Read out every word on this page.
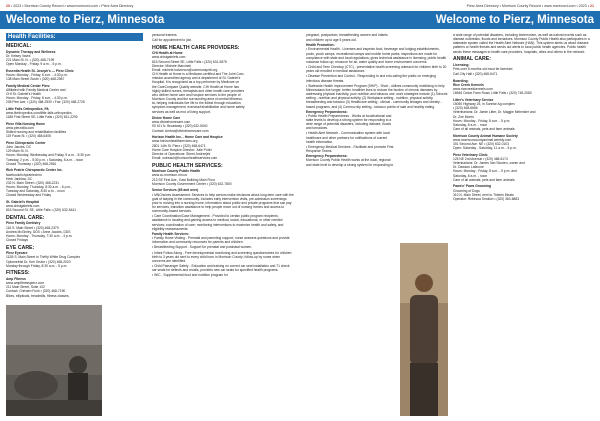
20 • 2023 • Morrison County Record • www.mcrecord.com • Pierz Area Directory
Welcome to Pierz, Minnesota
Health Facilities:
MEDICAL:
Dynamic Therapy and Wellness
Dr. Kelsey Vavra
221 Main St. N. • (320) 468-7199
Open Monday - Friday, 9 a.m. - 5 p.m.
Essentia Health St. Joseph's — Pierz Clinic
Hours: Monday - Friday, 8 a.m. - 4:30 p.m.
138 Main Street South • (320) 468-2567
Family Medical Center Pierz
Affiliated with Family Medical Center and
CHI St. Gabriel's Health
Hours: Monday - Friday, 8 a.m. - 4:30 p.m.
208 Pine Ave. • (320) 468-2530 • Fax: (320) 468-2726
Little Falls Orthopedics, PA
www.lforthopedics.com/little-falls-orthopedics
1188 First Street SE, Little Falls • (320) 631-2290
Pierz Villa Nursing Home
www.pierzvilla.com
Skilled nursing and rehabilitation facilities
119 Faust St. • (320) 468-6405
Pierz Chiropractic Center
John Jacobs, DC
129 Main St. N.
Hours: Monday, Wednesday and Friday, 9 a.m. - 5:30 p.m.
Tuesday, 2 p.m. - 5:30 p.m. • Saturday, 8 a.m. - noon
Closed Thursday • (320) 468-2561
Rich Prairie Chiropractic Center Inc.
facebook/richprairiechiro
Herb Janklow, DC
232 N. Main Street • (320) 468-2231
Hours: Monday, Thursday, 8:30 a.m. - 6 p.m.,
Tuesday and Saturday, 8:30 a.m. - noon
Closed Wednesday and Friday
St. Gabriel's Hospital
www.chistgabriels.com
815 Second St. SE, Little Falls • (320) 632-5441
DENTAL CARE:
Pierz Family Dentistry
116 S. Main Street • (320) 468-2379
Andrea McGinley, DDS • Anne Jacobs, DDS
Hours: Monday - Thursday, 7:30 a.m. - 4 p.m.
Closed Fridays
EYE CARE:
Pierz Eyecare
112B S. Main Street in Thrifty White Drug Complex
Optometrist Dr. Ken Grube • (320) 468-2020
Monday through Friday, 8:30 a.m. - 5 p.m.
FITNESS:
Amp Fitness
www.ampfitnesspierz.com
211 Main Street, Suite 102
Contact: Christen Funk • (320) 468-7190
Bikes, ellipticals, treadmills, fitness classes,
personal trainers.
Call for appointment to join.
HOME HEALTH CARE PROVIDERS:
CHI Health at Home
www.chistgabriels.com
815 Second Street SE, Little Falls • (320) 631-5575
Director: Michele Marcinek
Email: michele.halvorson@commonspirit.org
CHI Health at Home is a Medicare-certified and The Joint Com-
mission-accredited agency and a department of St. Gabriel's
Hospital. It is recognized as a top performer by Medicare on
the CareCompare Quality website. CHI Health at Home has
highly skilled nurses, therapists and other health care providers
who deliver home care and hospice services to the people of
Morrison County and the surrounding area of central Minneso-
ta, helping individuals live life to the fullest through education,
symptom management, exercise/rehabilitation and home safety
services as well as end of living support.
Divine Home Care
www.divinehomecare.com
90 101 N. Broadway • (320) 632-5040
Contact: Ambra@divinehomecare.com
Horizon Health Inc. - Home Care and Hospice
www.horizonhealthservices.org
2801 14th St. Pierz • (320) 468-6471
Home Care Hospice Director: Julie Pohrt
Director of Operations: Sherri Andrzejek
Email: outreach@horizonhealthservices.com
PUBLIC HEALTH SERVICES:
Morrison County Public Health
www.co.morrison.mn.us
213 SE First Ave., East Building Main Floor
Morrison County Government Center • (320) 632-7800
Senior Services (65 and over)
• MNChoices Assessment: Services to help seniors make decisions about long-term care with the goal of staying in the community. Includes early intervention visits, pre-admission screenings prior to moving into a nursing home, information about public and private programs that can pay for services, transition assistance to help people move out of nursing homes and access to community-based services.
• Care Coordination/Case Management - Provided to certain public program recipients; assistance in locating and gaining access to medical, social, educational, or other needed services; coordination of care; monitoring interventions to maximize health and safety, and eligibility reassessments.
Family Health Services:
• Family Home Visiting - Prenatal and parenting support; nurse answers questions and provide information and community resources for parents and children.
• Breastfeeding Support - Support for prenatal and postnatal women.
• Infant Follow Along - Free developmental monitoring and screening questionnaires for children birth to 3 years old sent to every child born in Morrison County; follow-up by nurse when concerns are identified.
• Child Passenger Safety - Education and training on correct car seat installation and 71 check car seats for defects and recalls, provides new car seats for specified health programs.
• WIC - Supplemental food and nutrition program for
Pierz Area Directory • Morrison County Record • www.mcrecord.com • 2023 • 21
Welcome to Pierz, Minnesota
pregnant, postpartum, breastfeeding women and infants
and children up to age 5 years old.
Health Promotion:
• Environmental Health - Licenses and inspects food, beverage and lodging establishments, pools, youth camps, recreational camps and mobile home parks; inspections are made for compliance with state and local regulations; gives technical assistance in licensing; public health nuisance follow-up; resource for air, water quality and home environment concerns.
• Child and Teen Checkup (CTC) - preventative health screening outreach for children birth to 20 years old enrolled in medical assistance.
• Disease Prevention and Control - Responding to and edu-cating the public on emerging infectious disease threats.
• Statewide Health Improvement Program (SHIP) - Short - utilizes community mobilizing to help Minnesotans live longer, better, healthier lives to reduce the burden of chronic diseases by addressing physical inactivity, poor nutrition and tobacco use; work strategies include (1) Schools setting - nutrition and physical activity, (2) Workplace setting - nutrition, physical activity, breastfeeding and tobacco (3) Healthcare setting - clinical - community linkages and obesity - based programs, and (4) Commu-nity setting - tobacco points of sale and healthy eating.
Emergency Preparedness:
• Public Health Preparedness - Works at local/national and state levels to develop a strong system for responding to a wide range of potential disasters, including disease, floods and tornadoes.
• Health Alert Network - Communication system with local healthcare and other partners for notifications of current health information.
• Emergency Medical Services - Facilitate and promote First Response Teams.
Emergency Preparedness:
Morrison County Public Health works at the local, regional and state level to develop a strong system for responding to
a wide range of potential disasters, including bioterrorism, as well as natural events such as disease outbreaks, floods and tornadoes. Morrison County Public Health also participates in a statewide system called the Health Alert Network (HAN). This system alerts us about disease patterns or health threats and sends out alerts to local public health agencies. Public health sends these messages to health care providers, hospitals, cities and others in the network.
ANIMAL CARE:
Licensing:
Pets over 6 months old must be licensed.
Call City Hall • (320) 468-6471
Boarding:
Rice Creek Kennels
www.ricecreekkennels.com
16546 Cedar Farm Road, Little Falls • (320) 745-2080
Litter's Veterinary Service
15050 Highway 25, in Sunrise Ag complex
• (320) 468-6666
Veterinarians: Dr. Jamie Litter, Dr. Maggie Meheisler and
Dr. Zoe Morris
Hours: Monday - Friday, 8 a.m. - 5 p.m.
Saturday, 8 a.m. - noon
Care of all animals, pets and farm animals.
Morrison County Animal Humane Society
www.morrisoncountyanimal.weebly.com
301 Second Ave. NE • (320) 632-0103
Open: Saturday - Saturday, 11 a.m. - 5 p.m.
Pierz Veterinary Clinic
125 NE 2nd Avenue • (320) 468-6174
Veterinarians: Dr. James Van Slooten, owner and
Dr. Dawson Lafavore
Hours: Monday - Friday, 8 a.m. - 5 p.m. and
Saturday, 8 a.m. - noon
Care of all animals, pets and farm animals.
Paws'n' Paws Grooming
Grooming of Dogs
310 N. Main Street, next to Thielen Meats
Operator: Rebecca Smolich • (320) 360-6883
